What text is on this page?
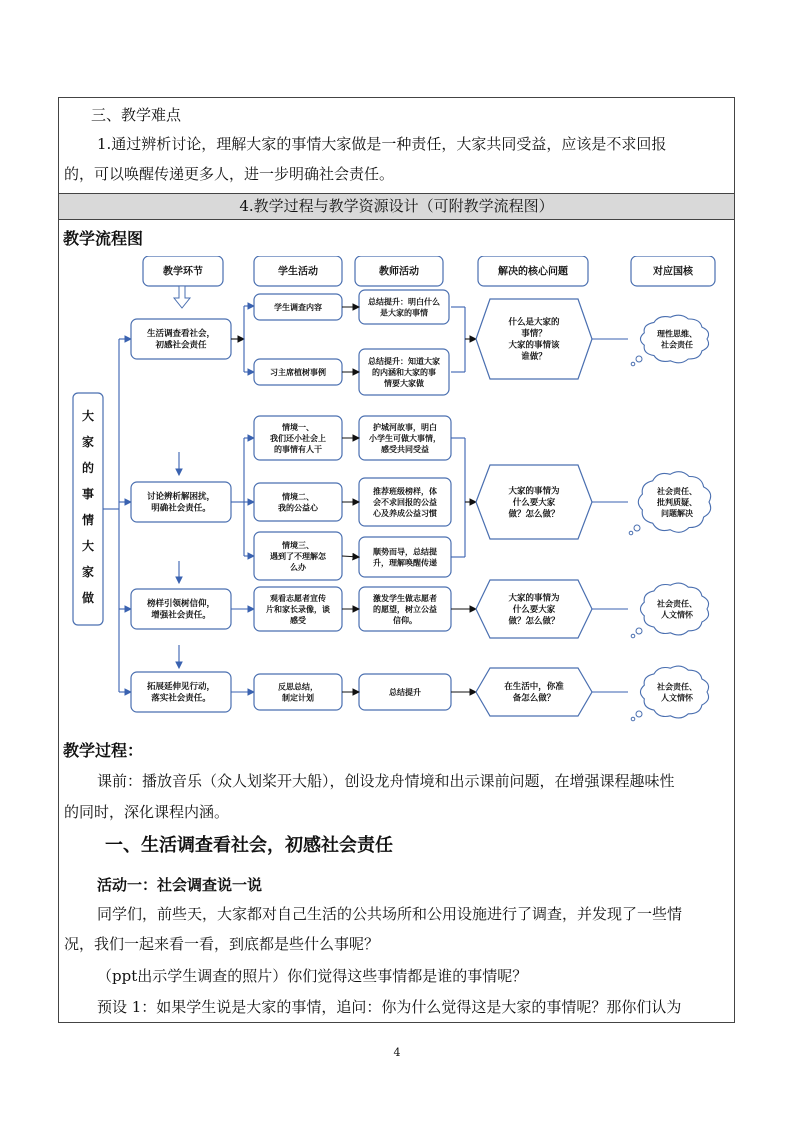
三、教学难点
1.通过辨析讨论，理解大家的事情大家做是一种责任，大家共同受益，应该是不求回报
的，可以唤醒传递更多人，进一步明确社会责任。
4.教学过程与教学资源设计（可附教学流程图）
教学流程图
教学环节	学生活动	教师活动	解决的核心问题	对应国核
大
家
的
事
情
大
家
做
生活调查看社会，
初感社会责任
讨论辨析解困扰，
明确社会责任。
榜样引领树信仰，
增强社会责任。
拓展延伸见行动，
落实社会责任。
学生调查内容
习主席植树事例
情境一、
我们还小社会上
的事情有人干
情境二、
我的公益心
情境三、
遇到了不理解怎
么办
观看志愿者宣传
片和家长录像，谈
感受
反思总结，
制定计划
总结提升：明白什么
是大家的事情
总结提升：知道大家
的内涵和大家的事
情要大家做
护城河故事，明白
小学生可做大事情，
感受共同受益
推荐班级榜样，体
会不求回报的公益
心及养成公益习惯
顺势而导，总结提
升，理解唤醒传递
激发学生做志愿者
的愿望，树立公益
信仰。
总结提升
什么是大家的
事情？
大家的事情该
谁做？
大家的事情为
什么要大家
做？怎么做？
大家的事情为
什么要大家
做？怎么做？
在生活中，你准
备怎么做？
理性思维、
社会责任
社会责任、
批判质疑、
问题解决
社会责任、
人文情怀
社会责任、
人文情怀
教学过程：
课前：播放音乐（众人划桨开大船），创设龙舟情境和出示课前问题，在增强课程趣味性
的同时，深化课程内涵。
一、生活调查看社会，初感社会责任
活动一：社会调查说一说
同学们，前些天，大家都对自己生活的公共场所和公用设施进行了调查，并发现了一些情
况，我们一起来看一看，到底都是些什么事呢？
（ppt出示学生调查的照片）你们觉得这些事情都是谁的事情呢？
预设 1：如果学生说是大家的事情，追问：你为什么觉得这是大家的事情呢？那你们认为
4
